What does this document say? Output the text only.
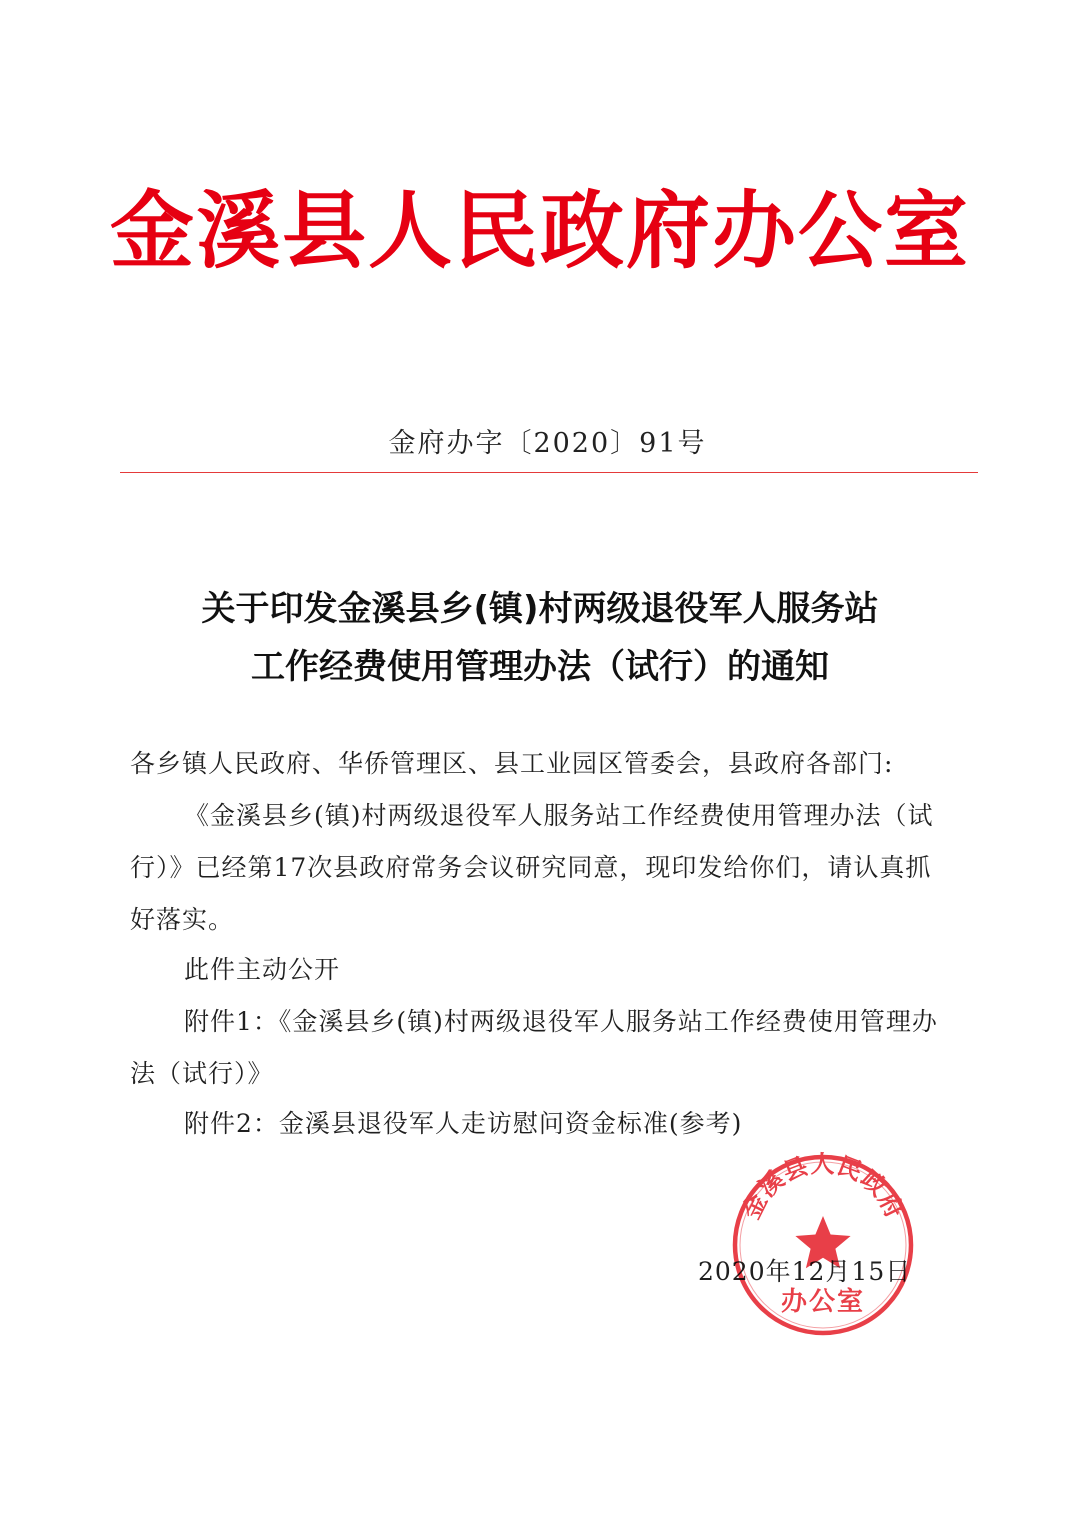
金溪县人民政府办公室
金府办字〔2020〕91号
关于印发金溪县乡(镇)村两级退役军人服务站
工作经费使用管理办法（试行）的通知
各乡镇人民政府、华侨管理区、县工业园区管委会，县政府各部门:
《金溪县乡(镇)村两级退役军人服务站工作经费使用管理办法（试行）》已经第17次县政府常务会议研究同意，现印发给你们，请认真抓好落实。
此件主动公开
附件1：《金溪县乡(镇)村两级退役军人服务站工作经费使用管理办法（试行）》
附件2：金溪县退役军人走访慰问资金标准(参考)
2020年12月15日
金溪县人民政府
办公室
